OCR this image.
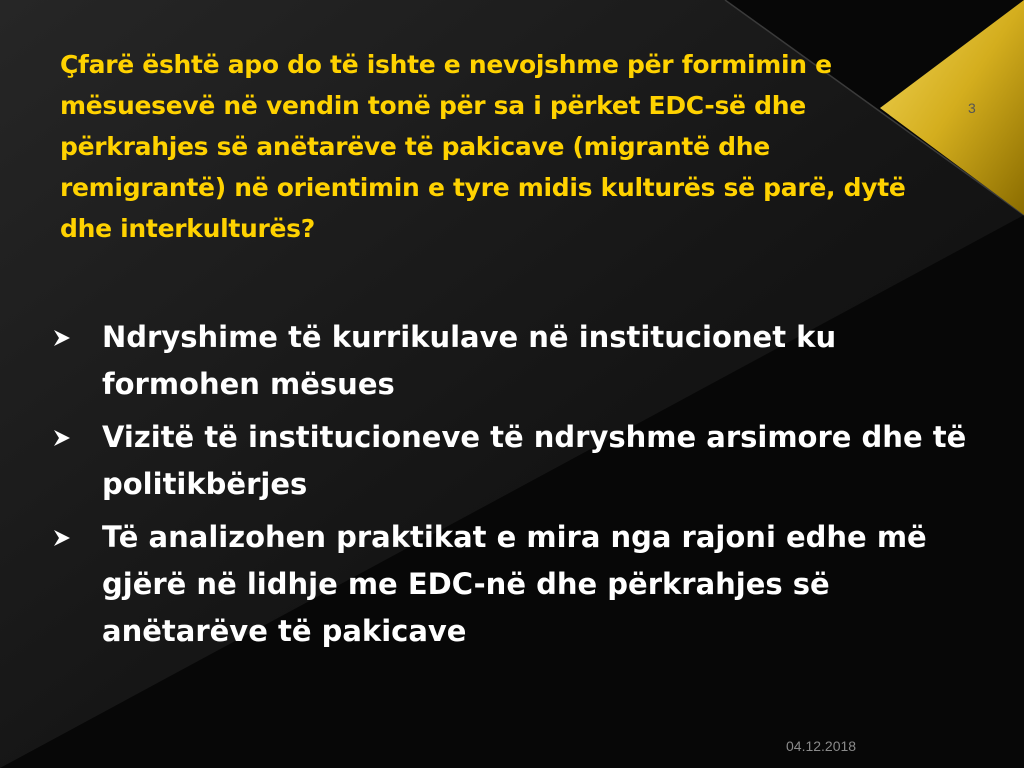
Çfarë është apo do të ishte e nevojshme për formimin e mësuesevë në vendin tonë për sa i përket EDC-së dhe përkrahjes së anëtarëve të pakicave (migrantë dhe remigrantë) në orientimin e tyre midis kulturës së parë, dytë dhe interkulturës?

3
Ndryshime të kurrikulave në institucionet ku formohen mësues
Vizitë të institucioneve të ndryshme arsimore dhe të politikbërjes
Të analizohen praktikat e mira nga rajoni edhe më gjërë në lidhje me EDC-në dhe përkrahjes së anëtarëve të pakicave
04.12.2018
